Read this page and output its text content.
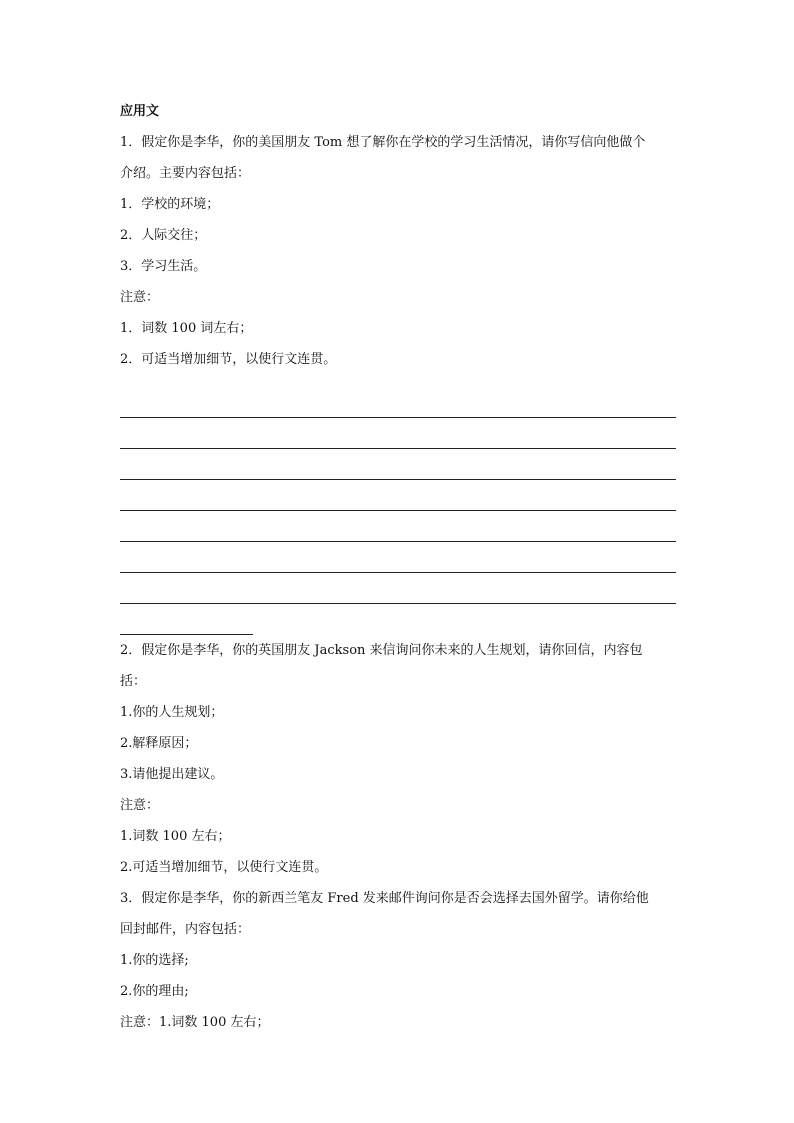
应用文
1．假定你是李华，你的美国朋友 Tom 想了解你在学校的学习生活情况，请你写信向他做个
介绍。主要内容包括：
1．学校的环境；
2．人际交往；
3．学习生活。
注意：
1．词数 100 词左右；
2．可适当增加细节，以使行文连贯。
2．假定你是李华，你的英国朋友 Jackson 来信询问你未来的人生规划，请你回信，内容包
括：
1.你的人生规划；
2.解释原因；
3.请他提出建议。
注意：
1.词数 100 左右；
2.可适当增加细节，以使行文连贯。
3．假定你是李华，你的新西兰笔友 Fred 发来邮件询问你是否会选择去国外留学。请你给他
回封邮件，内容包括：
1.你的选择;
2.你的理由;
注意：1.词数 100 左右；
